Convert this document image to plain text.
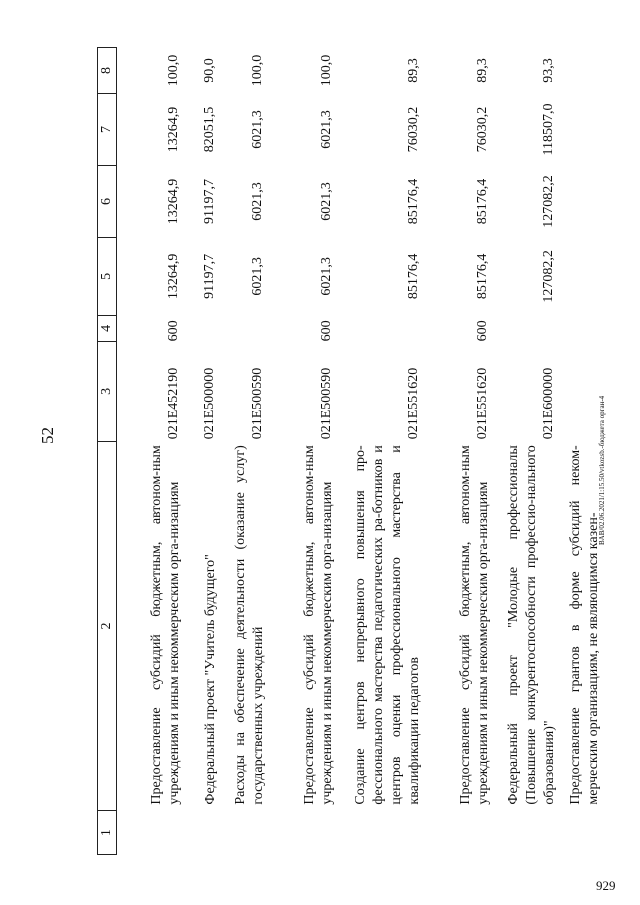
52
1	2	3	4	5	6	7	8
	Предоставление субсидий бюджетным, автоном-ным учреждениям и иным некоммерческим орга-низациям	021E452190	600	13264,9	13264,9	13264,9	100,0
	Федеральный проект "Учитель будущего"	021E500000		91197,7	91197,7	82051,5	90,0
	Расходы на обеспечение деятельности (оказание услуг) государственных учреждений	021E500590		6021,3	6021,3	6021,3	100,0
	Предоставление субсидий бюджетным, автоном-ным учреждениям и иным некоммерческим орга-низациям	021E500590	600	6021,3	6021,3	6021,3	100,0
	Создание центров непрерывного повышения про-фессионального мастерства педагогических ра-ботников и центров оценки профессионального мастерства и квалификации педагогов	021E551620		85176,4	85176,4	76030,2	89,3
	Предоставление субсидий бюджетным, автоном-ным учреждениям и иным некоммерческим орга-низациям	021E551620	600	85176,4	85176,4	76030,2	89,3
	Федеральный проект "Молодые профессионалы (Повышение конкурентоспособности профессио-нального образования)"	021E600000		127082,2	127082,2	118507,0	93,3
	Предоставление грантов в форме субсидий неком-мерческим организациям, не являющимся казен-						
BAB/02.06.2021/1:15.50/vtkozsb.-бюджета орган-4
929
